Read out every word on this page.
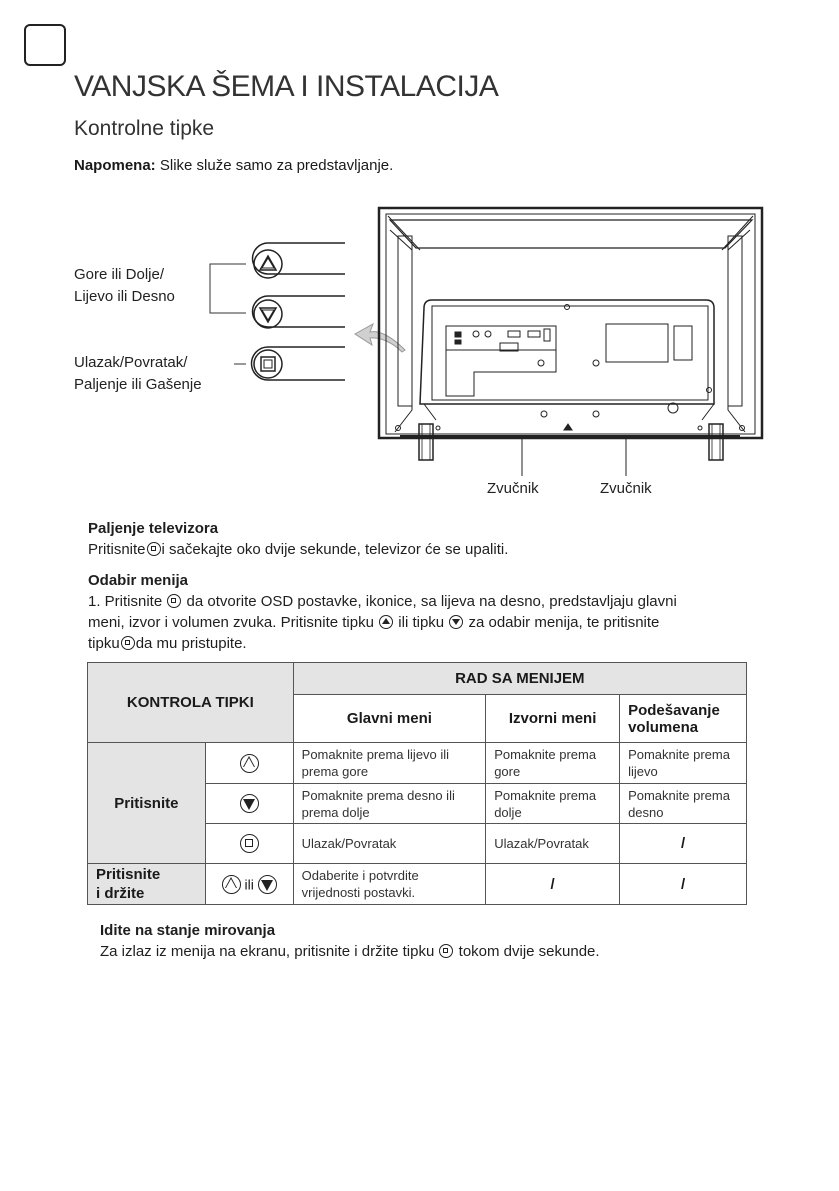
VANJSKA ŠEMA I INSTALACIJA
Kontrolne tipke
Napomena: Slike služe samo za predstavljanje.
Gore ili Dolje/
Lijevo ili Desno
Ulazak/Povratak/
Paljenje ili Gašenje
Zvučnik	Zvučnik
Paljenje televizora
Pritisnite i sačekajte oko dvije sekunde, televizor će se upaliti.
Odabir menija
1. Pritisnite  da otvorite OSD postavke, ikonice, sa lijeva na desno, predstavljaju glavni
meni, izvor i volumen zvuka. Pritisnite tipku  ili tipku  za odabir menija, te pritisnite
tipku da mu pristupite.
KONTROLA TIPKI		RAD SA MENIJEM		
		Glavni meni	Izvorni meni	Podešavanje volumena
Pritisnite		Pomaknite prema lijevo ili prema gore	Pomaknite prema gore	Pomaknite prema lijevo
		Pomaknite prema desno ili prema dolje	Pomaknite prema dolje	Pomaknite prema desno
		Ulazak/Povratak	Ulazak/Povratak	/

Pritisnite
i držite	ili	Odaberite i potvrdite vrijednosti postavki.	/	/
Idite na stanje mirovanja
Za izlaz iz menija na ekranu, pritisnite i držite tipku  tokom dvije sekunde.
